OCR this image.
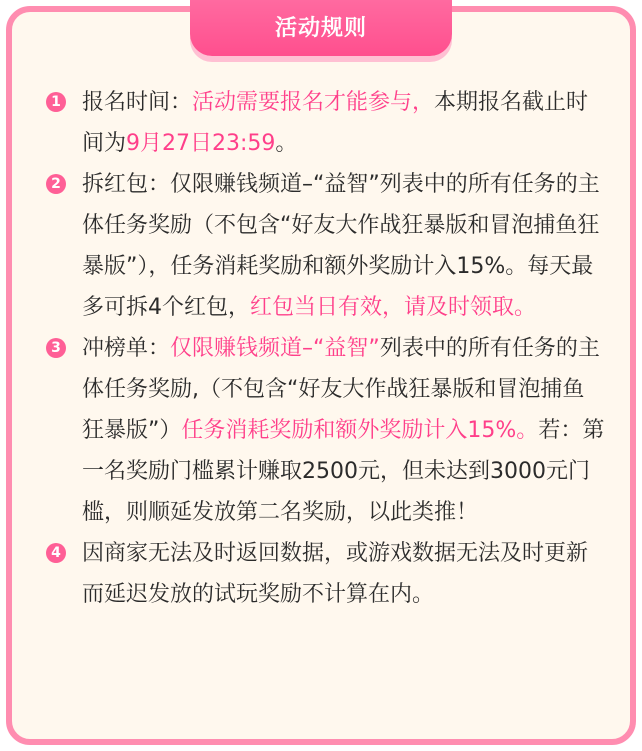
活动规则
1 报名时间：活动需要报名才能参与，本期报名截止时间为9月27日23:59。
2 拆红包：仅限赚钱频道–“益智”列表中的所有任务的主体任务奖励（不包含“好友大作战狂暴版和冒泡捕鱼狂暴版”），任务消耗奖励和额外奖励计入15%。每天最多可拆4个红包，红包当日有效，请及时领取。
3 冲榜单：仅限赚钱频道–“益智”列表中的所有任务的主体任务奖励,（不包含“好友大作战狂暴版和冒泡捕鱼狂暴版”）任务消耗奖励和额外奖励计入15%。若：第一名奖励门槛累计赚取2500元，但未达到3000元门槛，则顺延发放第二名奖励，以此类推！
4 因商家无法及时返回数据，或游戏数据无法及时更新而延迟发放的试玩奖励不计算在内。
